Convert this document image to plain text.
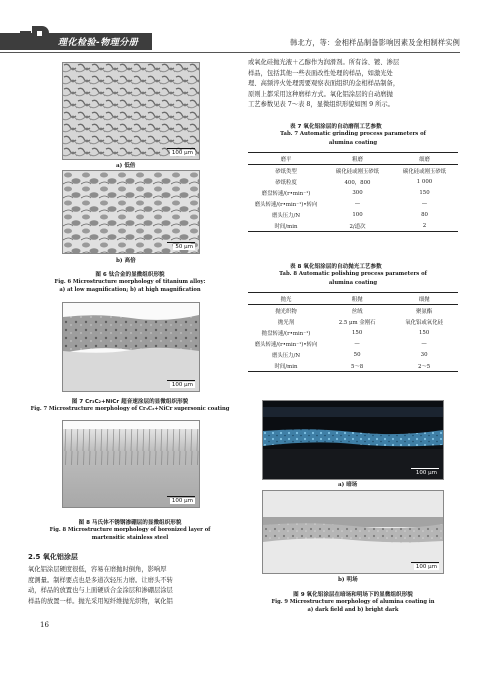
理化检验-物理分册	韩北方，等：金相样品制备影响因素及金相制样实例
100 μm
a) 低倍
50 μm
b) 高倍
图 6 钛合金的显微组织形貌
Fig. 6 Microstructure morphology of titanium alloy:
a) at low magnification; b) at high magnification
100 μm
图 7 Cr₃C₂+NiCr 超音速涂层的显微组织形貌
Fig. 7 Microstructure morphology of Cr₃C₂+NiCr supersonic coating
100 μm
图 8 马氏体不锈钢渗硼层的显微组织形貌
Fig. 8 Microstructure morphology of boronized layer of
martensitic stainless steel
2.5 氧化铝涂层
氧化铝涂层硬度很低，容易在磨抛时倒角，影响厚
度测量。制样要点也是多道次轻压力磨。让磨头不转
动，样品的放置也与上面硬质合金涂层和渗硼层涂层
样品的放置一样。抛光采用短纤维抛光织物，氧化铝
16
或氧化硅抛光液＋乙醇作为润滑剂。所有涂、镀、渗层
样品，包括其他一些表面改性处理的样品，如激光处
理、高频淬火处理需要观察表面组织的金相样品制备，
原则上都采用这种磨样方式。氧化铝涂层的自动磨抛
工艺参数见表 7～表 8，显微组织形貌如图 9 所示。
表 7 氧化铝涂层的自动磨削工艺参数
Tab. 7 Automatic grinding process parameters of
alumina coating
磨平	粗磨	细磨
砂纸类型	碳化硅或刚玉砂纸	碳化硅或刚玉砂纸
砂纸粒度	400，800	1 000
磨盘转速/(r•min⁻¹)	300	150
磨头转速/(r•min⁻¹)•转向	—	—
磨头压力/N	100	80
时间/min	2/道次	2
表 8 氧化铝涂层的自动抛光工艺参数
Tab. 8 Automatic polishing process parameters of
alumina coating
抛光	粗抛	细抛
抛光织物	丝绒	聚氨酯
抛光剂	2.5 μm 金刚石	氧化铝或氧化硅
抛盘转速/(r•min⁻¹)	150	150
磨头转速/(r•min⁻¹)•转向	—	—
磨头压力/N	50	30
时间/min	5～8	2～5
100 μm
a) 暗场
100 μm
b) 明场
图 9 氧化铝涂层在暗场和明场下的显微组织形貌
Fig. 9 Microstructure morphology of alumina coating in
a) dark field and b) bright dark
